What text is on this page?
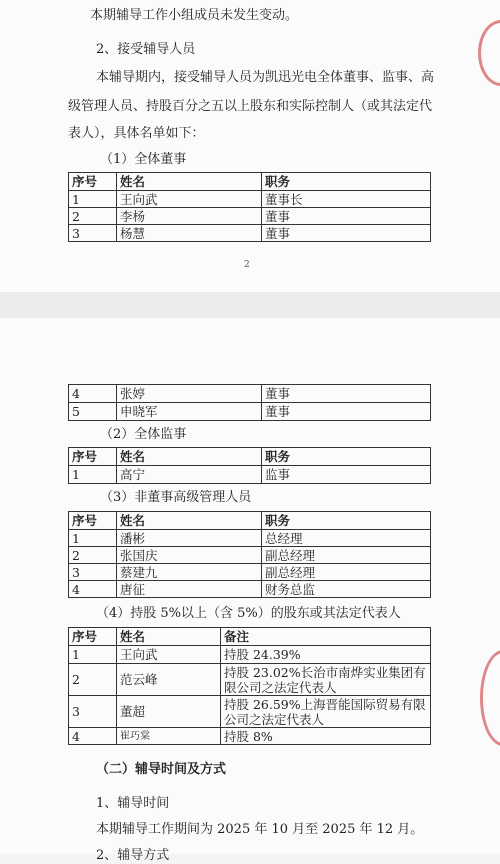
本期辅导工作小组成员未发生变动。
2、接受辅导人员
本辅导期内，接受辅导人员为凯迅光电全体董事、监事、高
级管理人员、持股百分之五以上股东和实际控制人（或其法定代
表人），具体名单如下：
（1）全体董事
序号	姓名	职务
1	王向武	董事长
2	李杨	董事
3	杨慧	董事
2
4	张婷	董事
5	申晓军	董事
（2）全体监事
序号	姓名	职务
1	高宁	监事
（3）非董事高级管理人员
序号	姓名	职务
1	潘彬	总经理
2	张国庆	副总经理
3	蔡建九	副总经理
4	唐征	财务总监
（4）持股 5%以上（含 5%）的股东或其法定代表人
序号	姓名	备注
1	王向武	持股 24.39%
2	范云峰	持股 23.02%长治市南烨实业集团有限公司之法定代表人
3	董超	持股 26.59%上海晋能国际贸易有限公司之法定代表人
4	崔巧棠	持股 8%
（二）辅导时间及方式
1、辅导时间
本期辅导工作期间为 2025 年 10 月至 2025 年 12 月。
2、辅导方式
